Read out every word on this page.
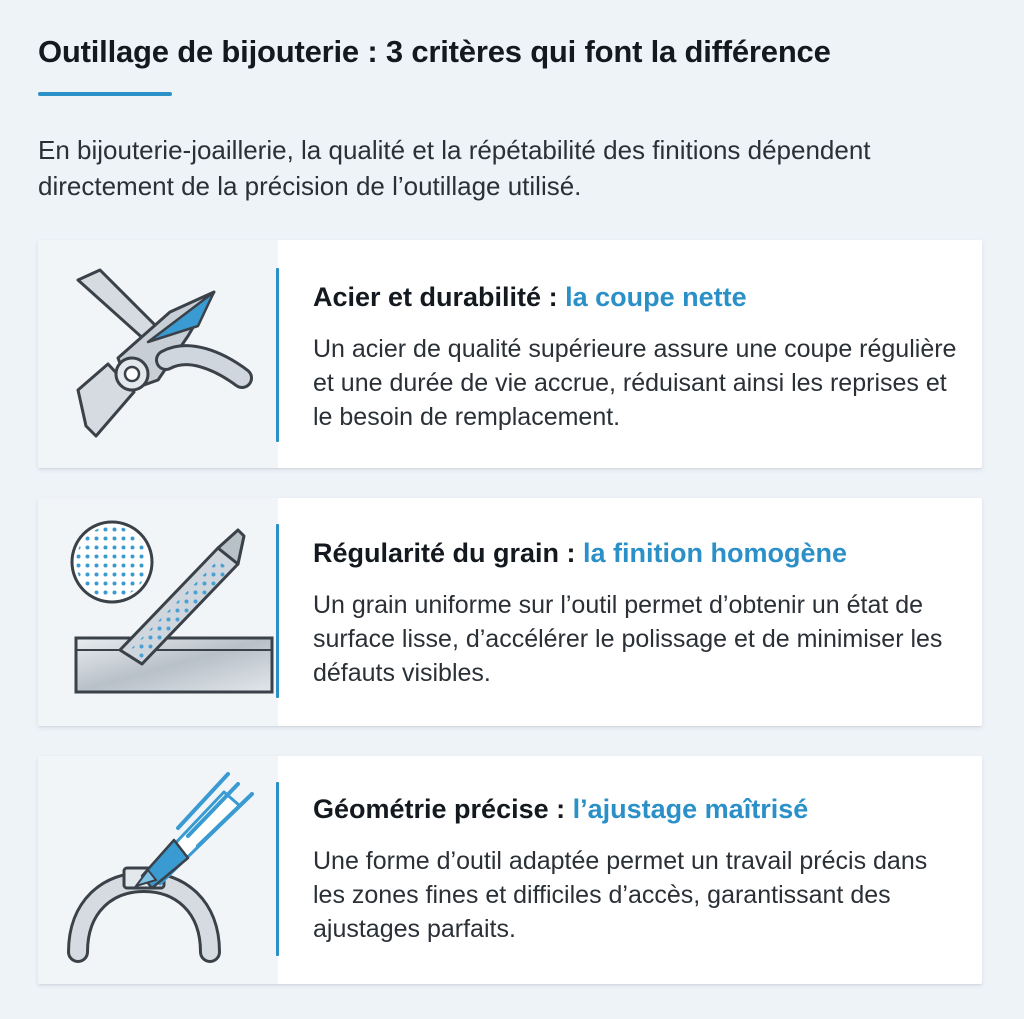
Outillage de bijouterie : 3 critères qui font la différence
En bijouterie-joaillerie, la qualité et la répétabilité des finitions dépendent directement de la précision de l’outillage utilisé.
Acier et durabilité : la coupe nette
Un acier de qualité supérieure assure une coupe régulière et une durée de vie accrue, réduisant ainsi les reprises et le besoin de remplacement.
Régularité du grain : la finition homogène
Un grain uniforme sur l’outil permet d’obtenir un état de surface lisse, d’accélérer le polissage et de minimiser les défauts visibles.
Géométrie précise : l’ajustage maîtrisé
Une forme d’outil adaptée permet un travail précis dans les zones fines et difficiles d’accès, garantissant des ajustages parfaits.
